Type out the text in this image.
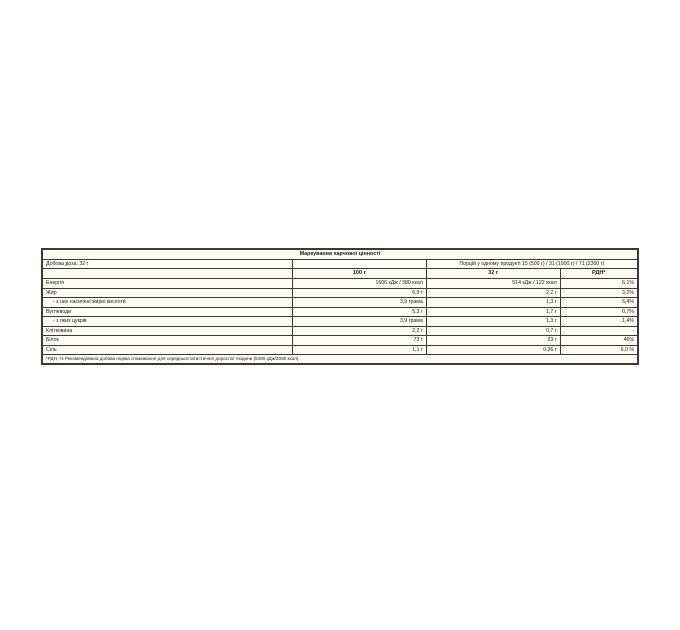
Маркування харчової цінності			
Добова доза: 32 г		Порцій у одному продукті 15 (500 г) / 31 (1000 г) / 71 (2300 г)	
	100 г	32 г	РДН*
Енергія	1606 кДж / 380 ккал	514 кДж / 122 ккал	6.1%
Жир	6,9 г	2,2 г	3,2%
- з них насичені жирні кислоти	3,9 грама	1,3 г	6,4%
Вуглеводи	5,3 г	1,7 г	0,7%
- з яких цукрів	3,9 грама	1,3 г	1,4%
Клітковина	2,2 г	0,7 г	-
Білок	73 г	23 г	46%
Сіль	1,1 г	0,36 г	6,0 %
*РДН, % Рекомендована добова норма споживання для середньостатистичної дорослої людини (8400 кДж/2000 ккал).			
